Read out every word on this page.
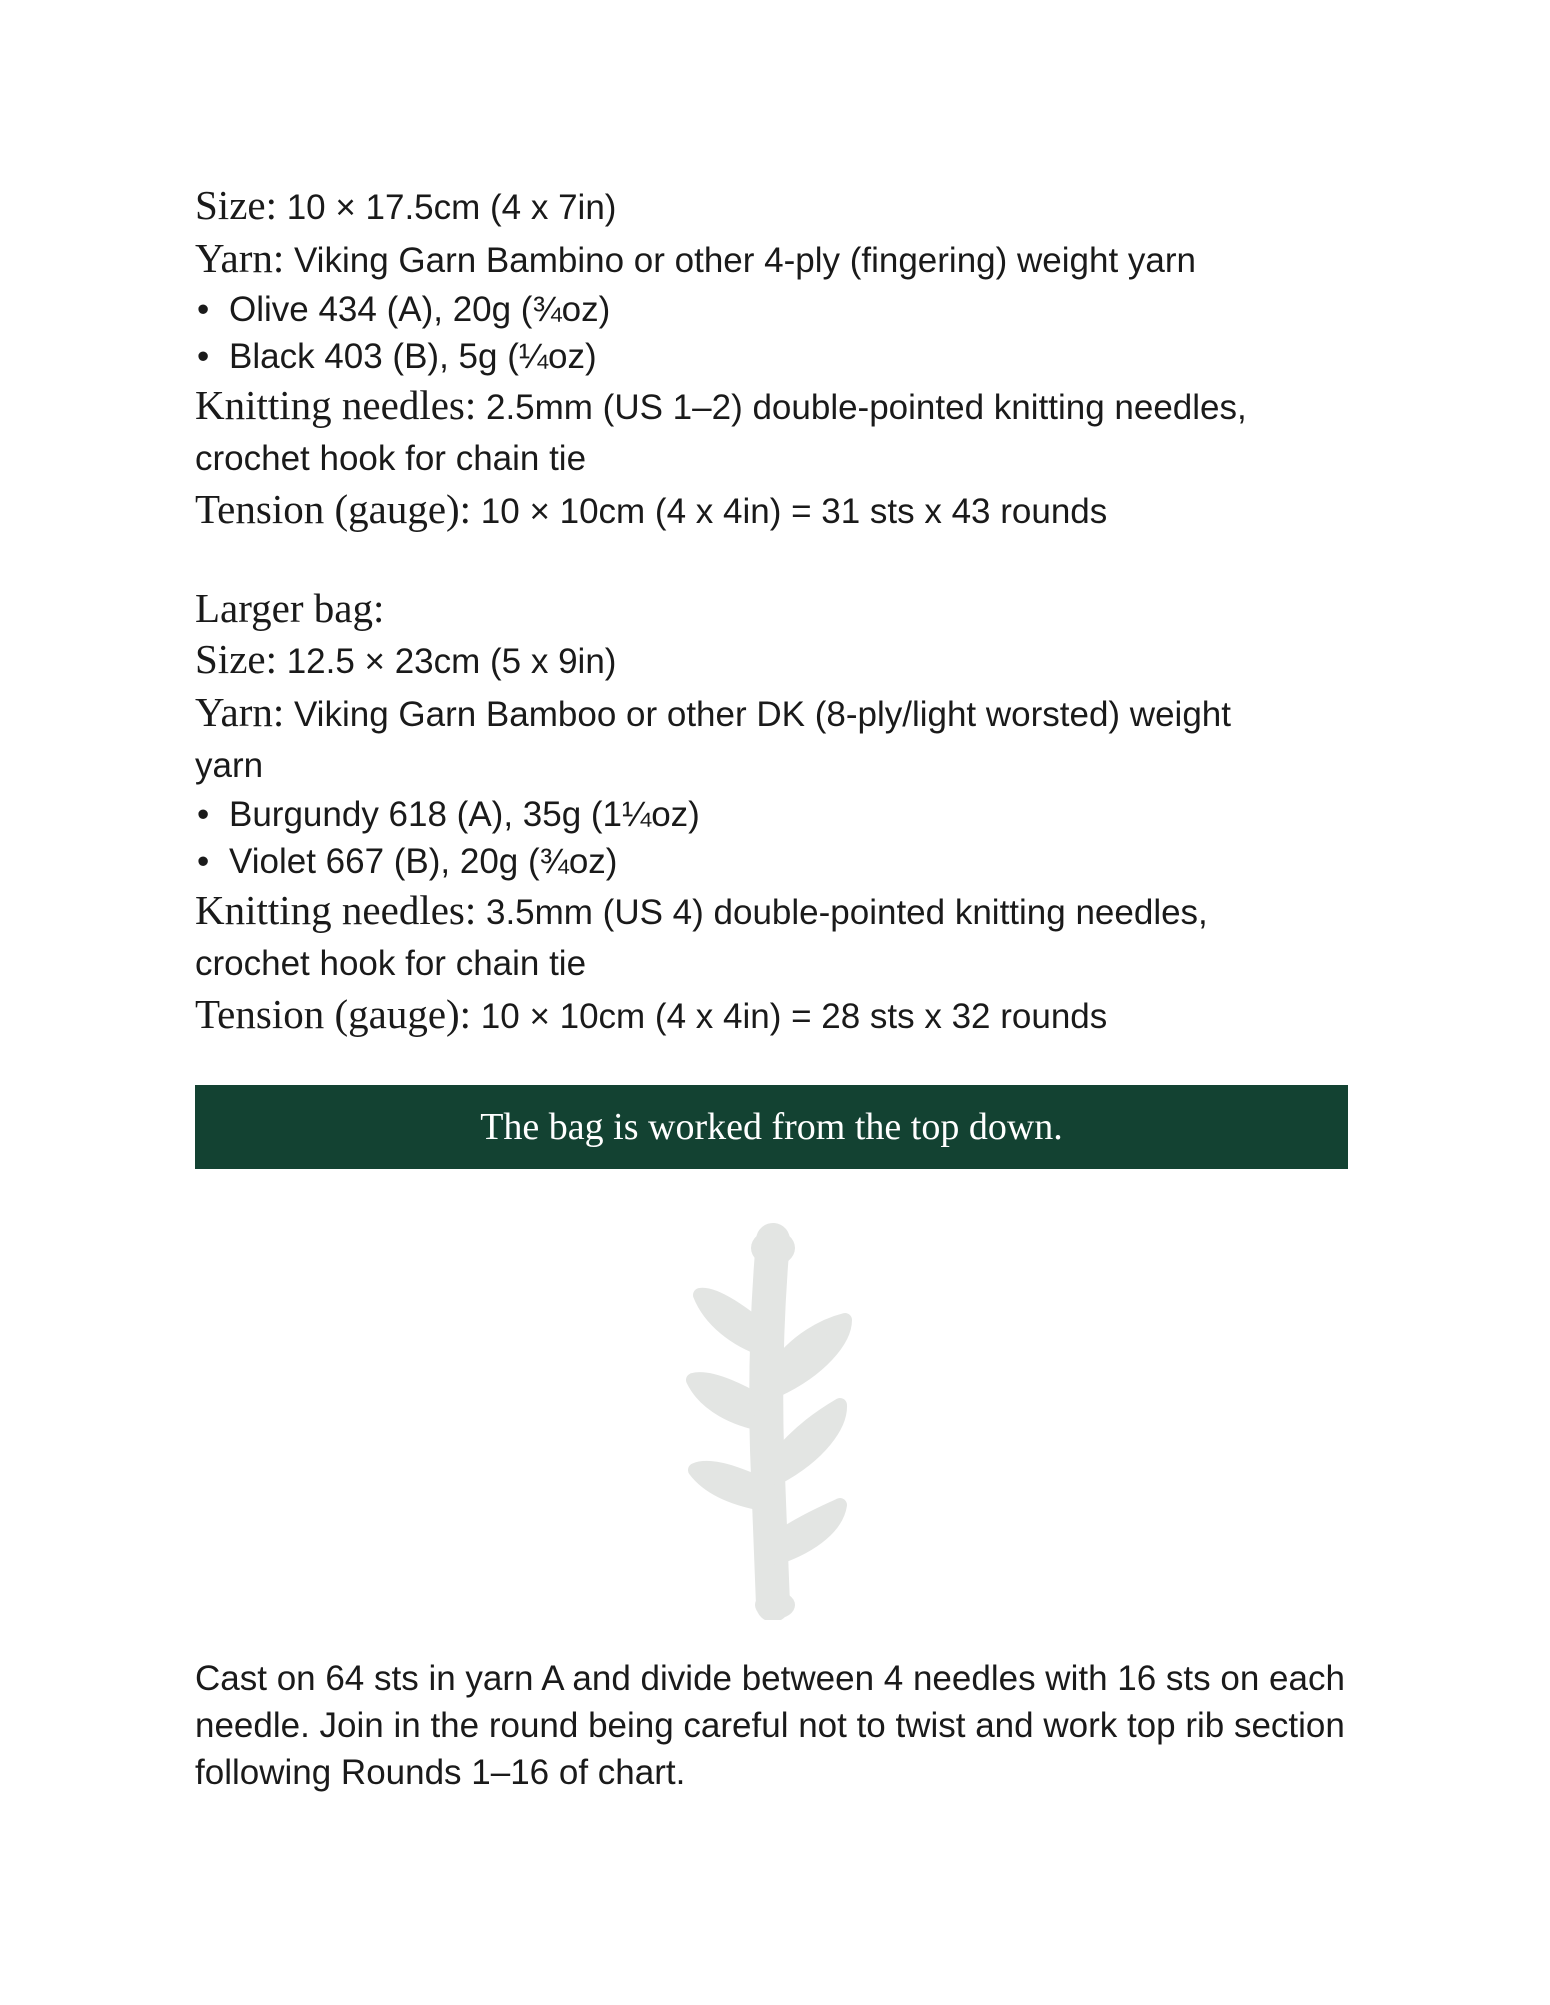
Size: 10 × 17.5cm (4 x 7in)

Yarn: Viking Garn Bambino or other 4-ply (fingering) weight yarn

• Olive 434 (A), 20g (¾oz)
• Black 403 (B), 5g (¼oz)

Knitting needles: 2.5mm (US 1–2) double-pointed knitting needles,

crochet hook for chain tie

Tension (gauge): 10 × 10cm (4 x 4in) = 31 sts x 43 rounds

Larger bag:

Size: 12.5 × 23cm (5 x 9in)

Yarn: Viking Garn Bamboo or other DK (8-ply/light worsted) weight

yarn

• Burgundy 618 (A), 35g (1¼oz)
• Violet 667 (B), 20g (¾oz)

Knitting needles: 3.5mm (US 4) double-pointed knitting needles,

crochet hook for chain tie

Tension (gauge): 10 × 10cm (4 x 4in) = 28 sts x 32 rounds

The bag is worked from the top down.

Cast on 64 sts in yarn A and divide between 4 needles with 16 sts on each needle. Join in the round being careful not to twist and work top rib section following Rounds 1–16 of chart.
